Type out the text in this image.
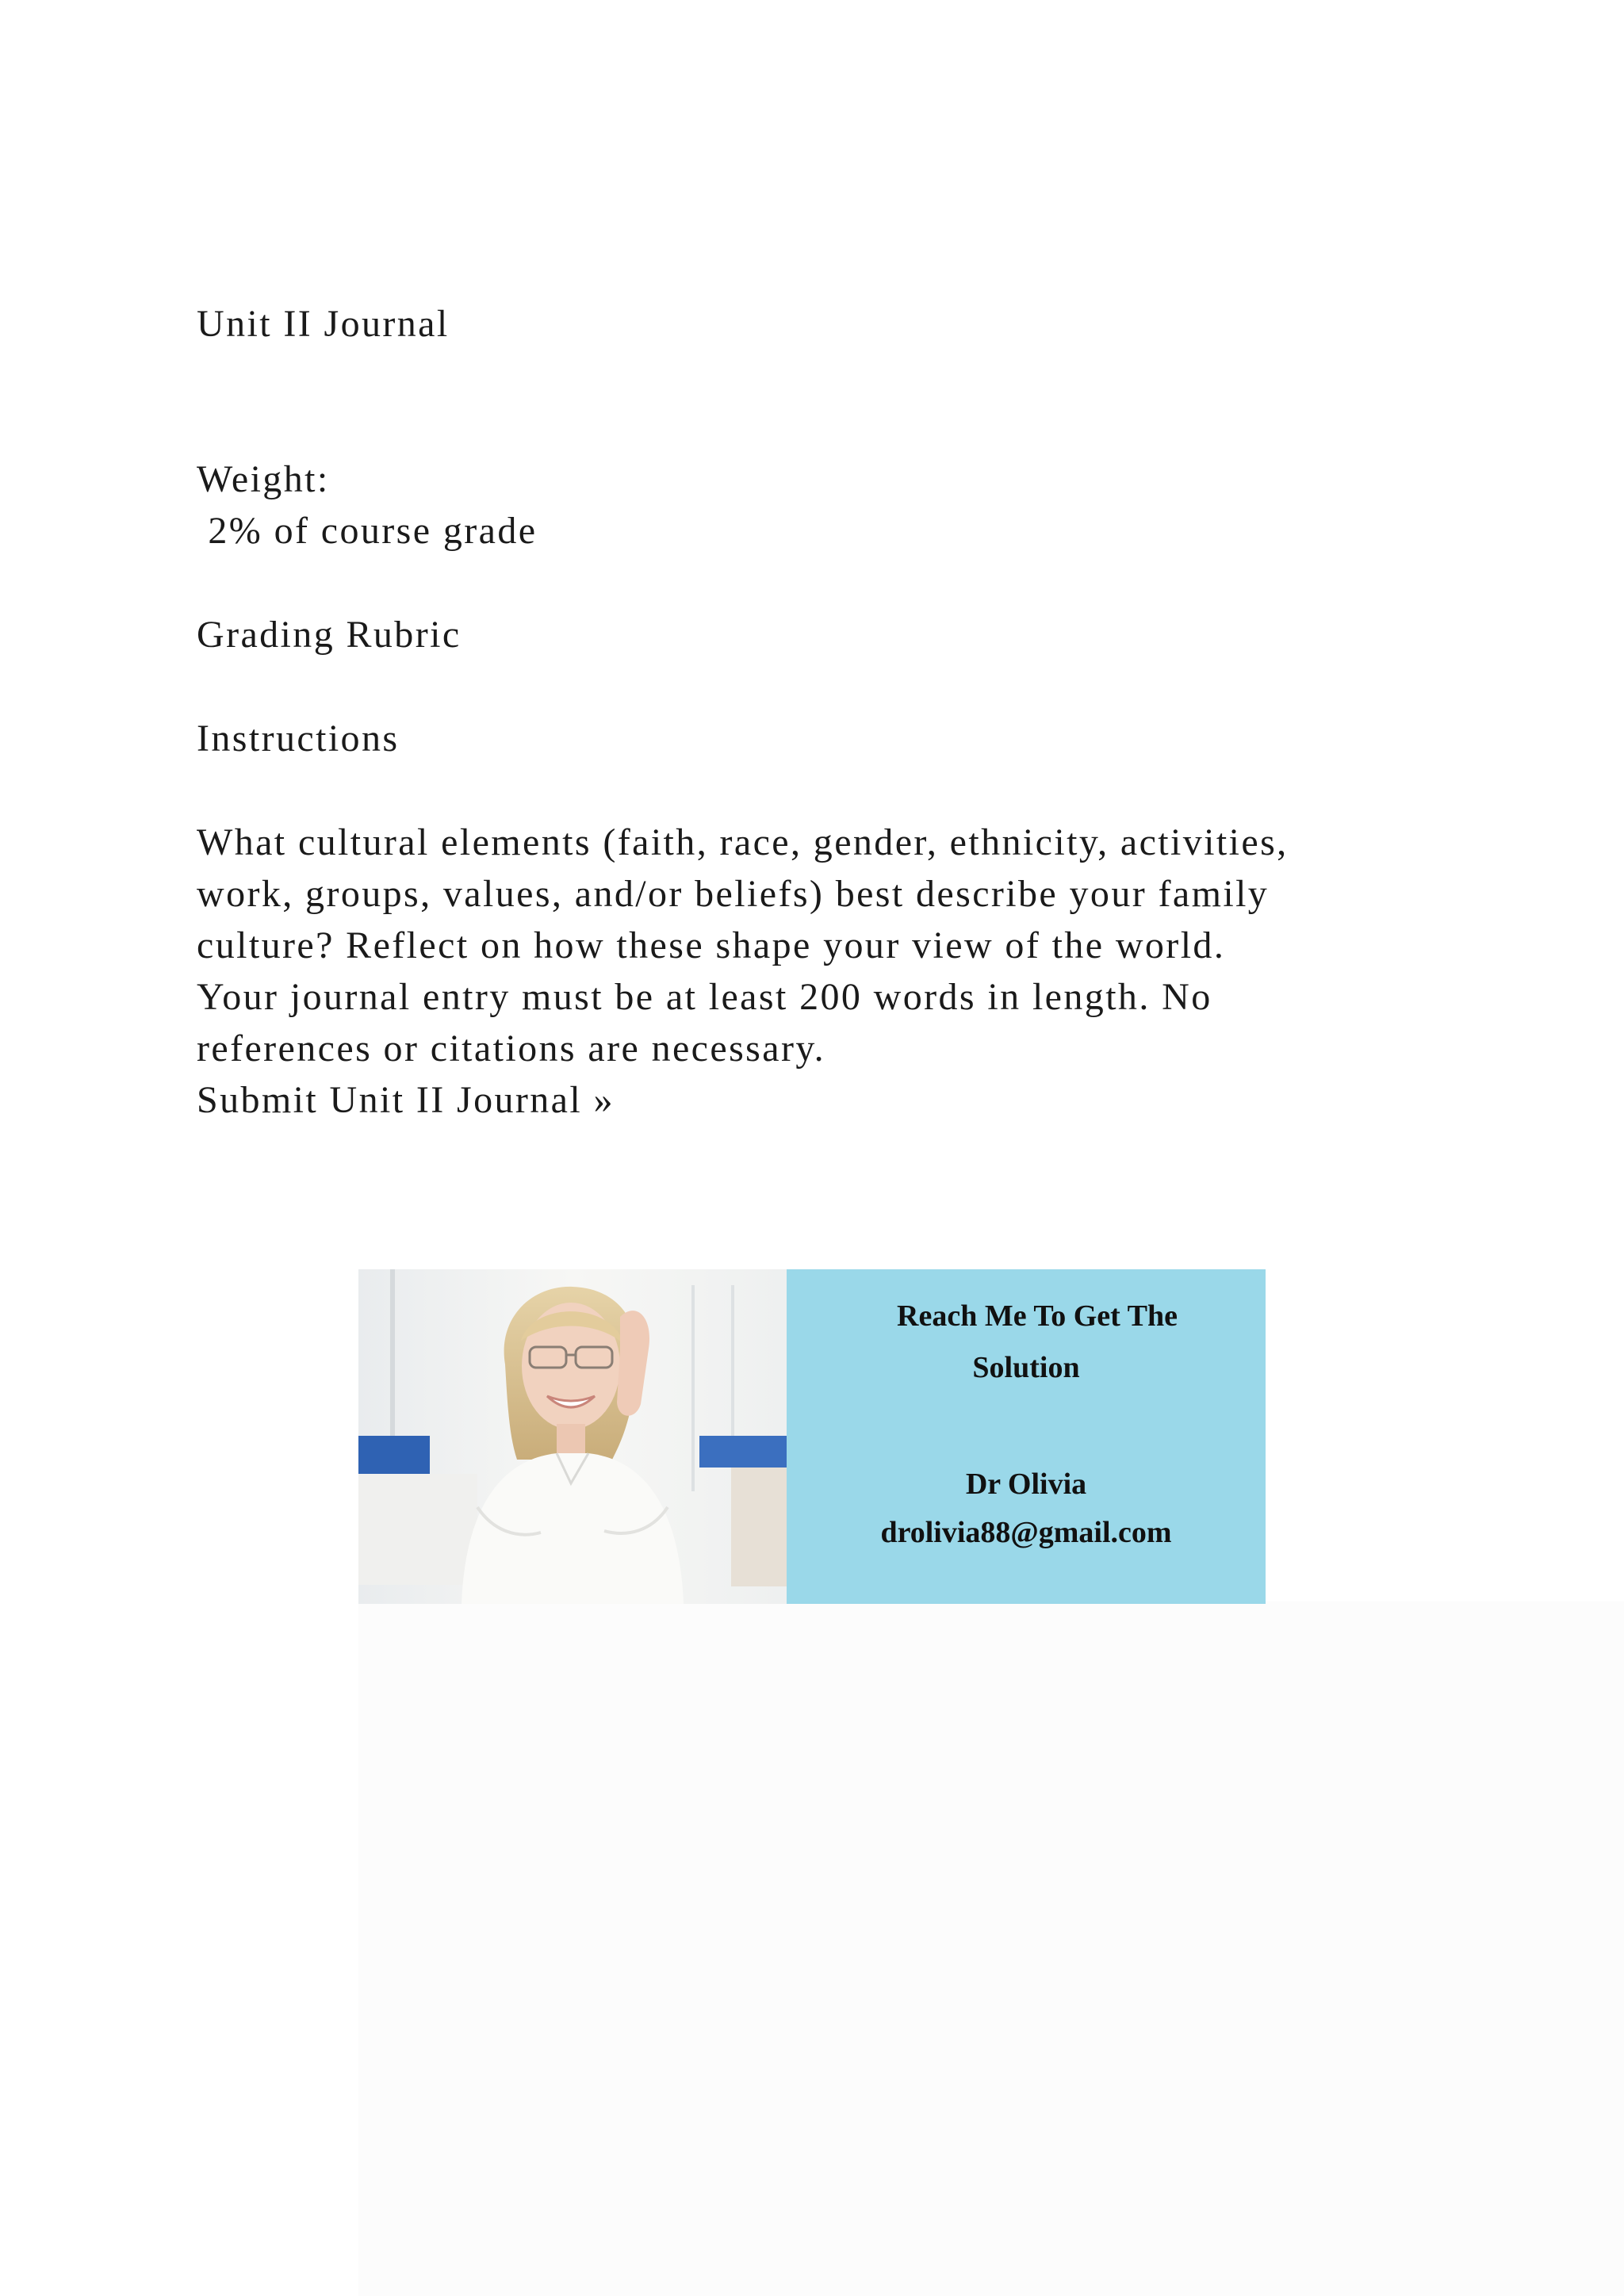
Unit II Journal
Weight:
2% of course grade
Grading Rubric
Instructions
What cultural elements (faith, race, gender, ethnicity, activities,
work, groups, values, and/or beliefs) best describe your family
culture? Reflect on how these shape your view of the world.
Your journal entry must be at least 200 words in length. No
references or citations are necessary.
Submit Unit II Journal »
Reach Me To Get The
Solution
Dr Olivia
drolivia88@gmail.com
